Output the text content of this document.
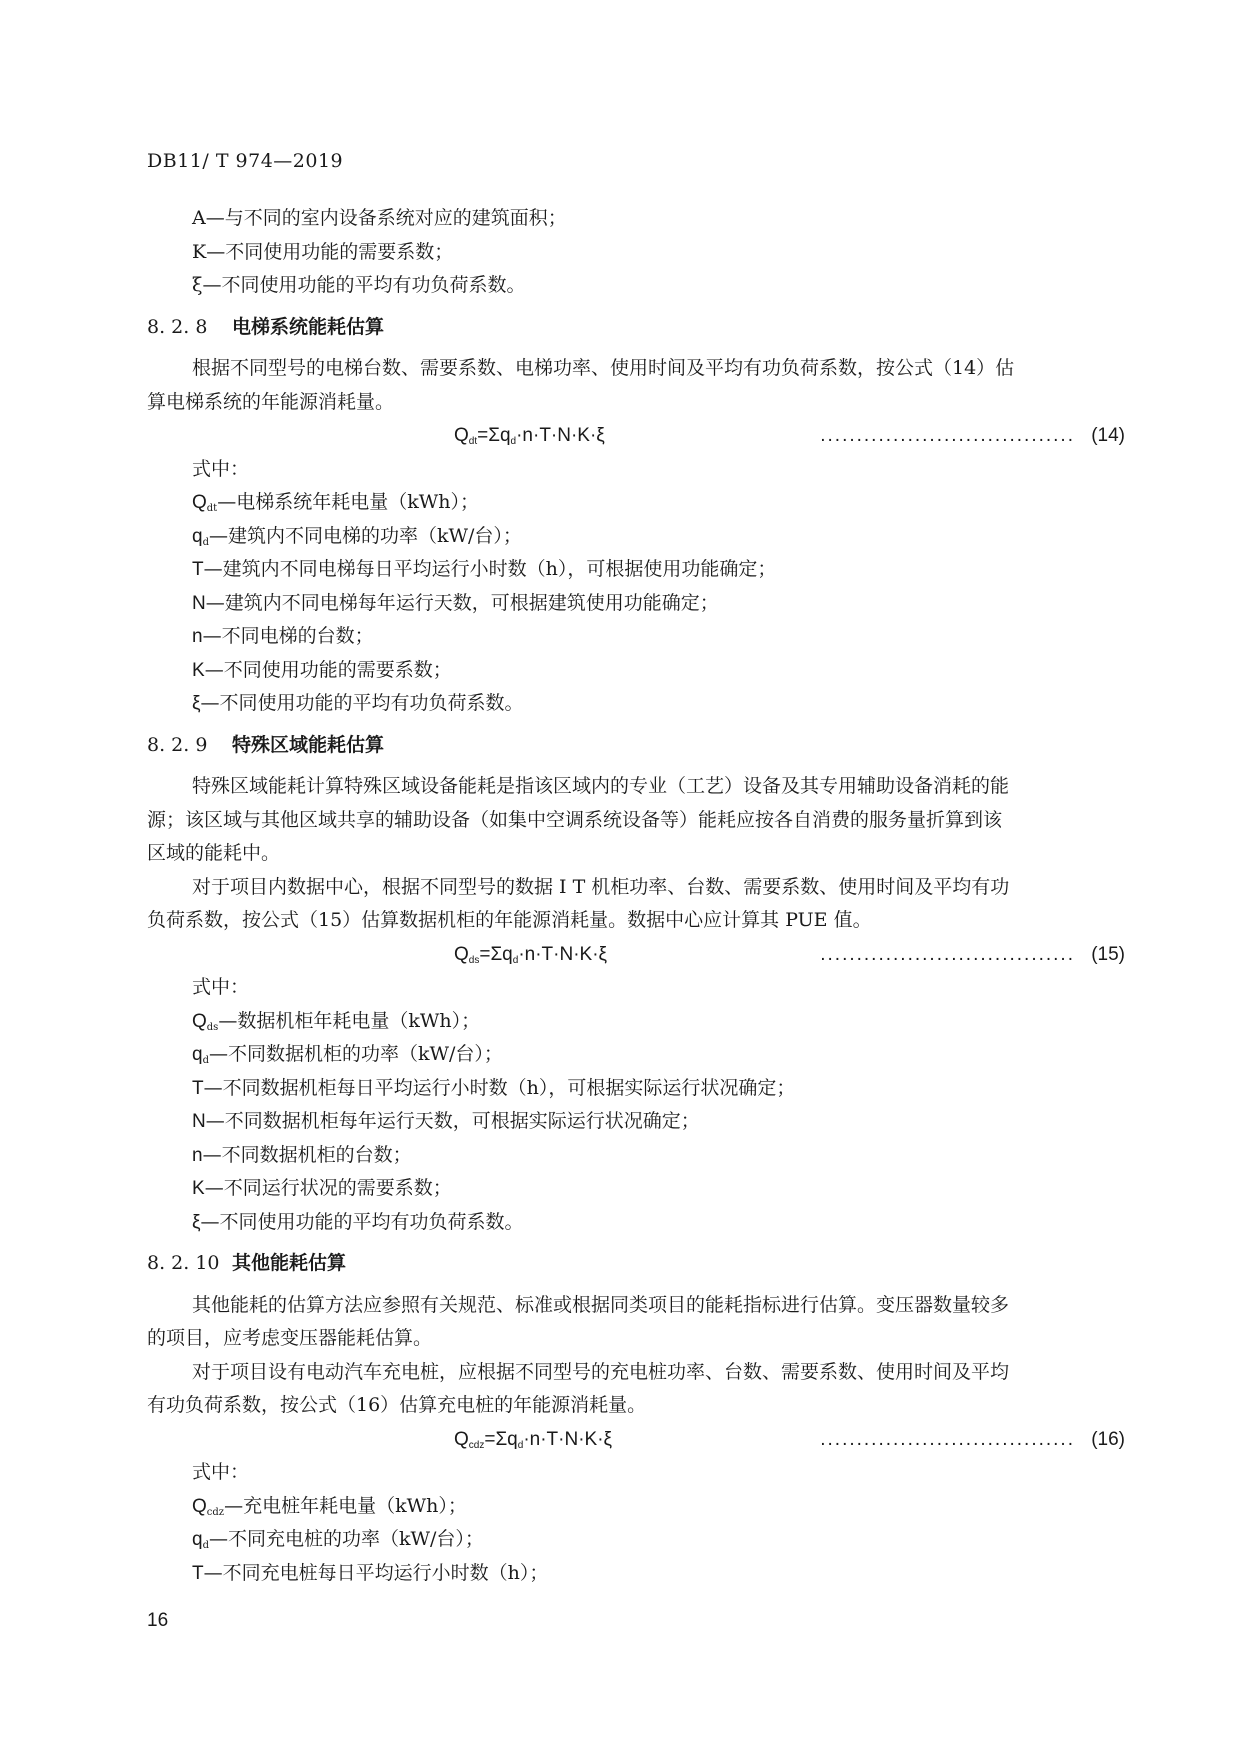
DB11/ T 974—2019
A—与不同的室内设备系统对应的建筑面积；
K—不同使用功能的需要系数；
ξ—不同使用功能的平均有功负荷系数。
8. 2. 8 电梯系统能耗估算
根据不同型号的电梯台数、需要系数、电梯功率、使用时间及平均有功负荷系数，按公式（14）估
算电梯系统的年能源消耗量。
$Q_{dt}=\Sigma q_d\cdot n\cdot T\cdot N\cdot K\cdot\xi$	................................... (14)
式中：
$Q_{dt}—$电梯系统年耗电量（kWh）；
$q_d—$建筑内不同电梯的功率（kW/台）；
T—建筑内不同电梯每日平均运行小时数（h），可根据使用功能确定；
N—建筑内不同电梯每年运行天数，可根据建筑使用功能确定；
n—不同电梯的台数；
K—不同使用功能的需要系数；
ξ—不同使用功能的平均有功负荷系数。
8. 2. 9 特殊区域能耗估算
特殊区域能耗计算特殊区域设备能耗是指该区域内的专业（工艺）设备及其专用辅助设备消耗的能
源；该区域与其他区域共享的辅助设备（如集中空调系统设备等）能耗应按各自消费的服务量折算到该
区域的能耗中。
对于项目内数据中心，根据不同型号的数据 I T 机柜功率、台数、需要系数、使用时间及平均有功
负荷系数，按公式（15）估算数据机柜的年能源消耗量。数据中心应计算其 PUE 值。
$Q_{ds}=\Sigma q_d\cdot n\cdot T\cdot N\cdot K\cdot\xi$	................................... (15)
式中：
$Q_{ds}—$数据机柜年耗电量（kWh）；
$q_d—$不同数据机柜的功率（kW/台）；
T—不同数据机柜每日平均运行小时数（h），可根据实际运行状况确定；
N—不同数据机柜每年运行天数，可根据实际运行状况确定；
n—不同数据机柜的台数；
K—不同运行状况的需要系数；
ξ—不同使用功能的平均有功负荷系数。
8. 2. 10 其他能耗估算
其他能耗的估算方法应参照有关规范、标准或根据同类项目的能耗指标进行估算。变压器数量较多
的项目，应考虑变压器能耗估算。
对于项目设有电动汽车充电桩，应根据不同型号的充电桩功率、台数、需要系数、使用时间及平均
有功负荷系数，按公式（16）估算充电桩的年能源消耗量。
$Q_{cdz}=\Sigma q_d\cdot n\cdot T\cdot N\cdot K\cdot\xi$	................................... (16)
式中：
$Q_{cdz}—$充电桩年耗电量（kWh）；
$q_d—$不同充电桩的功率（kW/台）；
T—不同充电桩每日平均运行小时数（h）；
16
